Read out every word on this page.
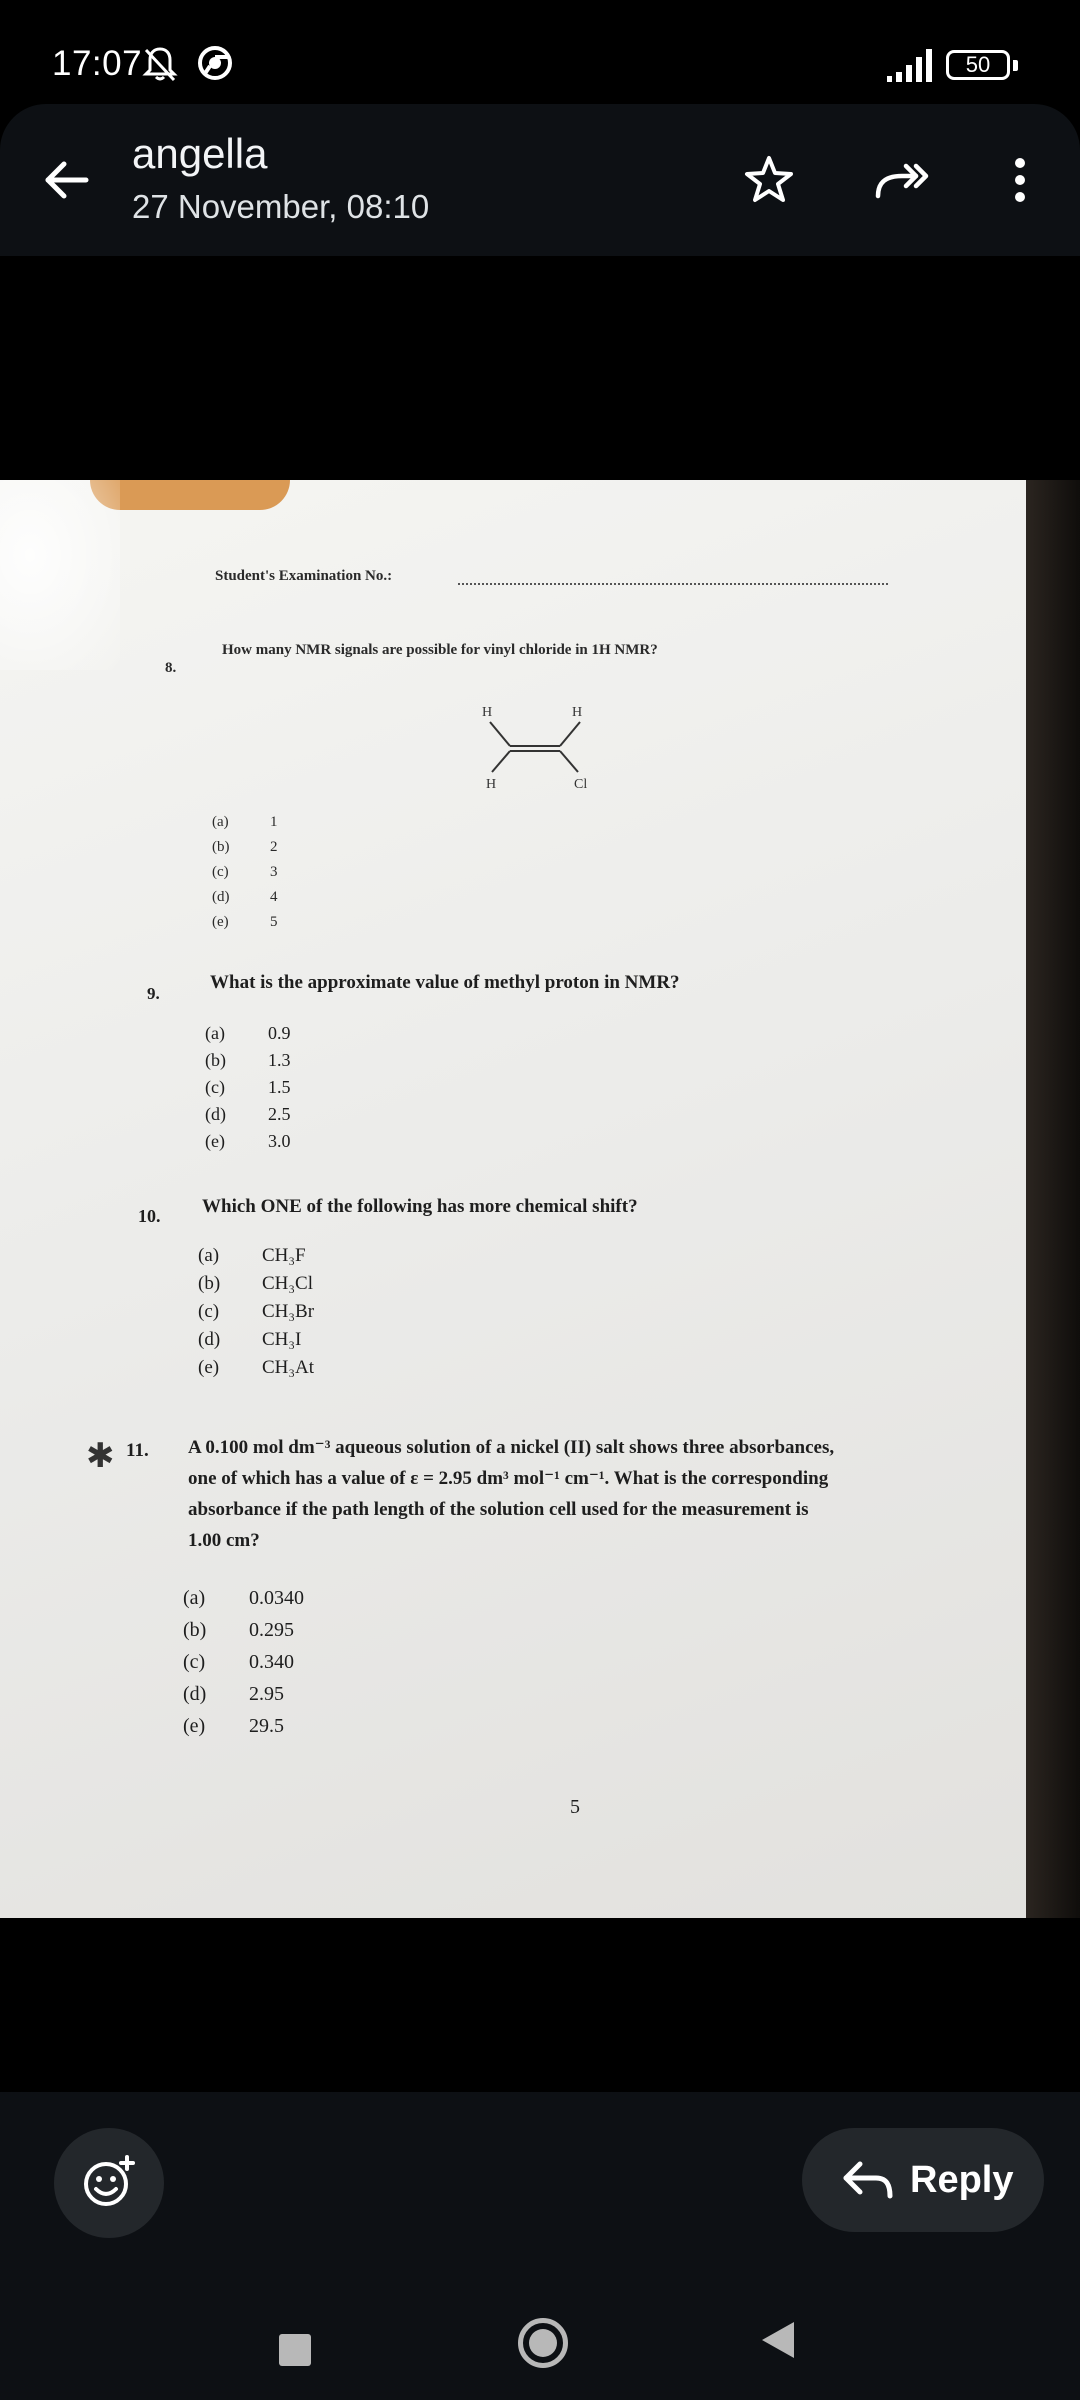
17:07	50
angella
27 November, 08:10
Student's Examination No.:
8.
How many NMR signals are possible for vinyl chloride in 1H NMR?
H	H
H	Cl
(a)	1
(b)	2
(c)	3
(d)	4
(e)	5
9.
What is the approximate value of methyl proton in NMR?
(a)	0.9
(b)	1.3
(c)	1.5
(d)	2.5
(e)	3.0
10. Which ONE of the following has more chemical shift?
(a)	CH₃F
(b)	CH₃Cl
(c)	CH₃Br
(d)	CH₃I
(e)	CH₃At
✱ 11. A 0.100 mol dm⁻³ aqueous solution of a nickel (II) salt shows three absorbances,
one of which has a value of ε = 2.95 dm³ mol⁻¹ cm⁻¹. What is the corresponding
absorbance if the path length of the solution cell used for the measurement is
1.00 cm?
(a)	0.0340
(b)	0.295
(c)	0.340
(d)	2.95
(e)	29.5
5
Reply
